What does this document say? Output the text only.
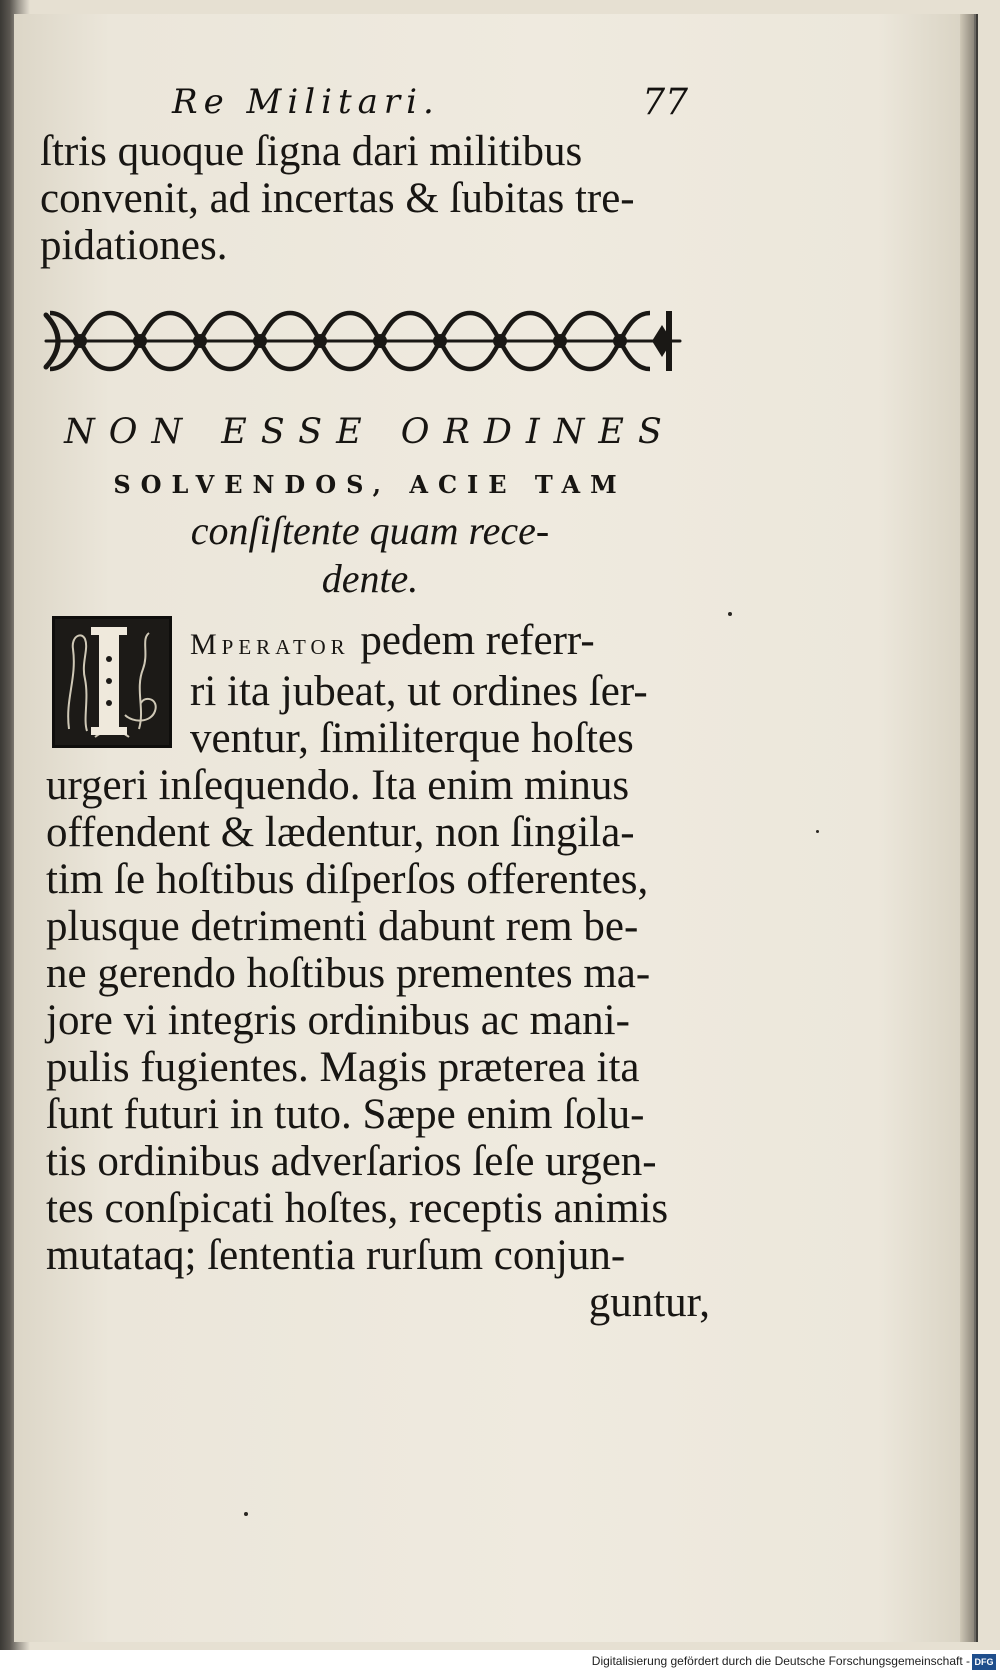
Re Militari.	77
ſtris quoque ſigna dari militibus
convenit, ad incertas & ſubitas tre-
pidationes.
NON ESSE ORDINES
SOLVENDOS, ACIE TAM
conſiſtente quam rece-
dente.
I
Mperator pedem referr-
ri ita jubeat, ut ordines ſer-
ventur, ſimiliterque hoſtes
urgeri inſequendo. Ita enim minus
offendent & lædentur, non ſingila-
tim ſe hoſtibus diſperſos offerentes,
plusque detrimenti dabunt rem be-
ne gerendo hoſtibus prementes ma-
jore vi integris ordinibus ac mani-
pulis fugientes. Magis præterea ita
ſunt futuri in tuto. Sæpe enim ſolu-
tis ordinibus adverſarios ſeſe urgen-
tes conſpicati hoſtes, receptis animis
mutataq; ſententia rurſum conjun-
guntur,
Digitalisierung gefördert durch die Deutsche Forschungsgemeinschaft - DFG
